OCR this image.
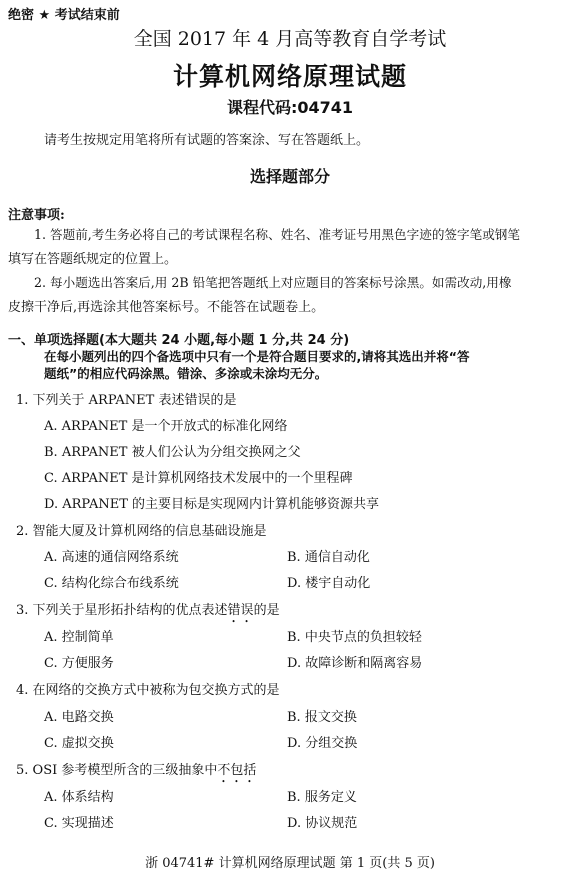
绝密 ★ 考试结束前
全国 2017 年 4 月高等教育自学考试
计算机网络原理试题
课程代码:04741
请考生按规定用笔将所有试题的答案涂、写在答题纸上。
选择题部分
注意事项:
1. 答题前,考生务必将自己的考试课程名称、姓名、准考证号用黑色字迹的签字笔或钢笔
填写在答题纸规定的位置上。
2. 每小题选出答案后,用 2B 铅笔把答题纸上对应题目的答案标号涂黑。如需改动,用橡
皮擦干净后,再选涂其他答案标号。不能答在试题卷上。
一、单项选择题(本大题共 24 小题,每小题 1 分,共 24 分)
在每小题列出的四个备选项中只有一个是符合题目要求的,请将其选出并将“答
题纸”的相应代码涂黑。错涂、多涂或未涂均无分。
1. 下列关于 ARPANET 表述错误的是
A. ARPANET 是一个开放式的标准化网络
B. ARPANET 被人们公认为分组交换网之父
C. ARPANET 是计算机网络技术发展中的一个里程碑
D. ARPANET 的主要目标是实现网内计算机能够资源共享
2. 智能大厦及计算机网络的信息基础设施是
A. 高速的通信网络系统	B. 通信自动化
C. 结构化综合布线系统	D. 楼宇自动化
3. 下列关于星形拓扑结构的优点表述错误的是
A. 控制简单	B. 中央节点的负担较轻
C. 方便服务	D. 故障诊断和隔离容易
4. 在网络的交换方式中被称为包交换方式的是
A. 电路交换	B. 报文交换
C. 虚拟交换	D. 分组交换
5. OSI 参考模型所含的三级抽象中不包括
A. 体系结构	B. 服务定义
C. 实现描述	D. 协议规范
浙 04741# 计算机网络原理试题 第 1 页(共 5 页)
